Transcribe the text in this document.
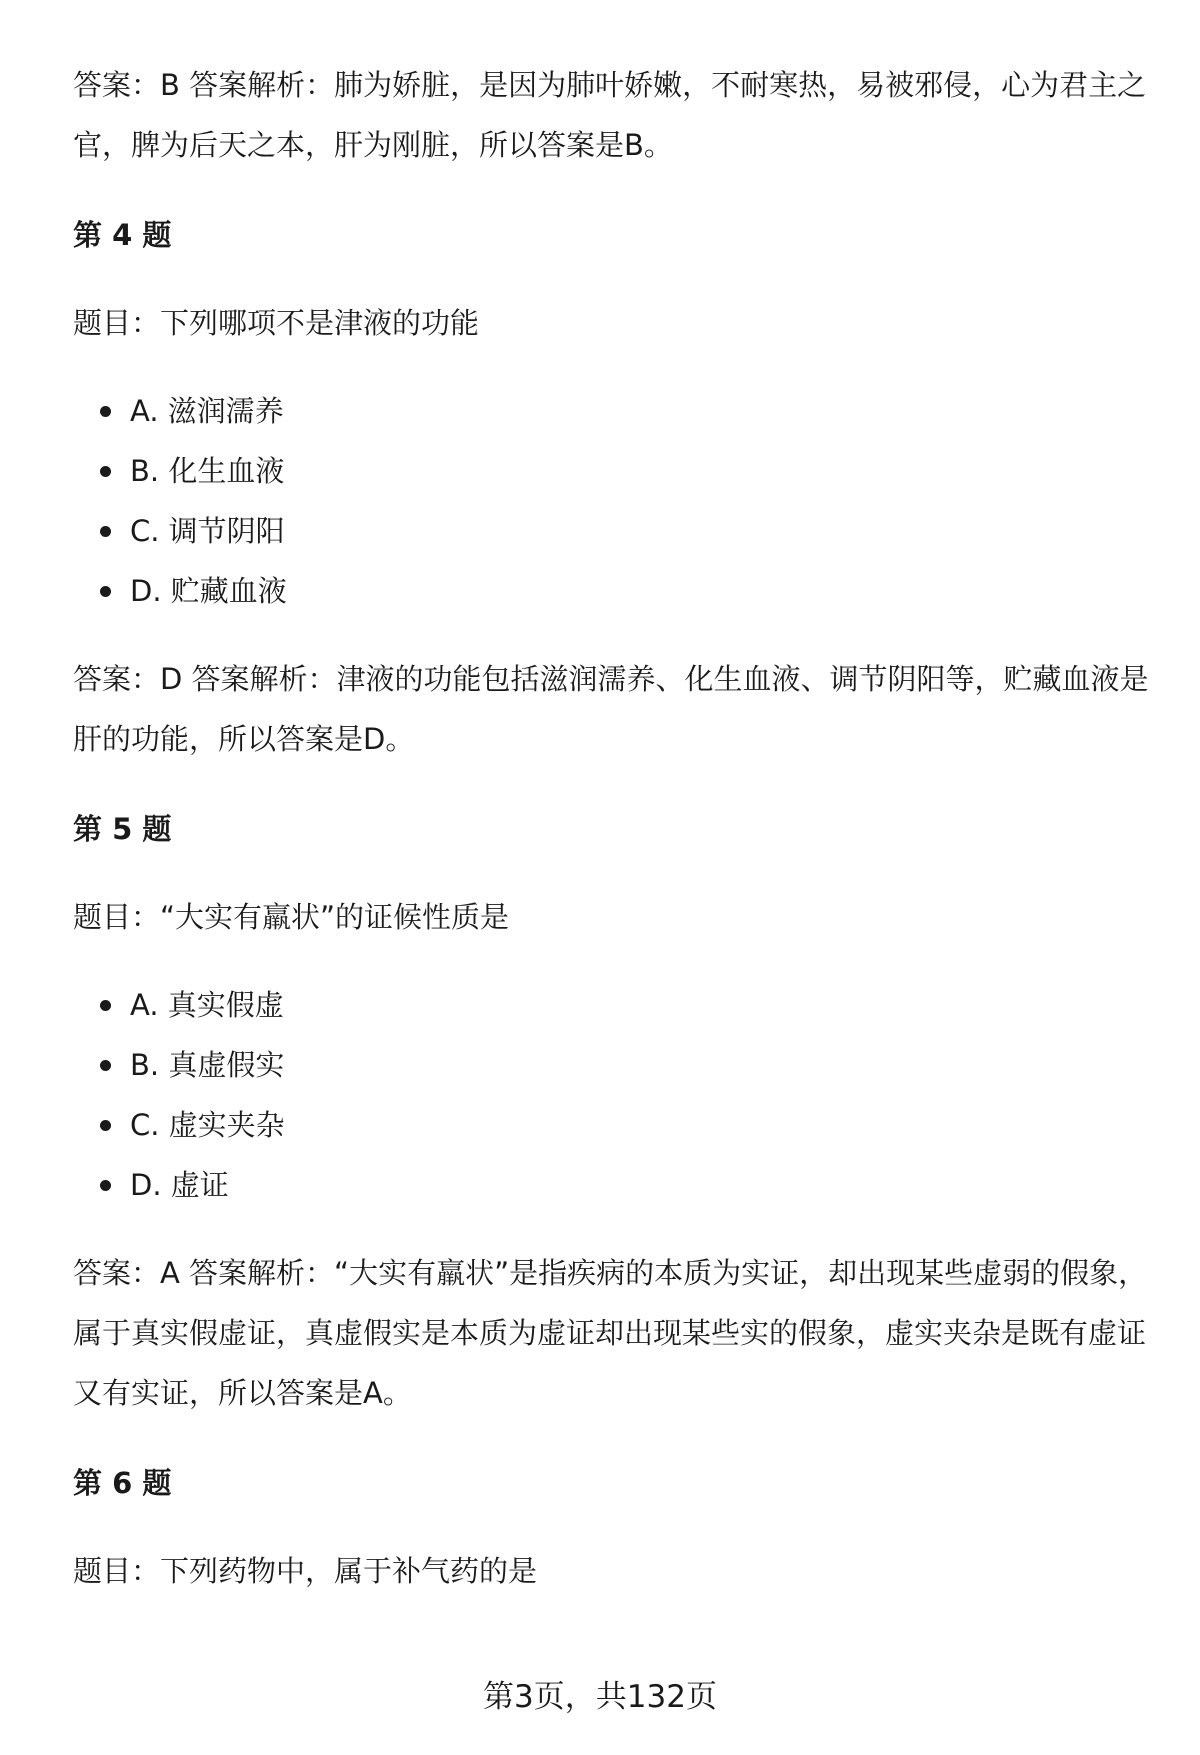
答案：B 答案解析：肺为娇脏，是因为肺叶娇嫩，不耐寒热，易被邪侵，心为君主之官，脾为后天之本，肝为刚脏，所以答案是B。

第 4 题

题目：下列哪项不是津液的功能

A. 滋润濡养
B. 化生血液
C. 调节阴阳
D. 贮藏血液

答案：D 答案解析：津液的功能包括滋润濡养、化生血液、调节阴阳等，贮藏血液是肝的功能，所以答案是D。

第 5 题

题目：“大实有羸状”的证候性质是

A. 真实假虚
B. 真虚假实
C. 虚实夹杂
D. 虚证

答案：A 答案解析：“大实有羸状”是指疾病的本质为实证，却出现某些虚弱的假象，属于真实假虚证，真虚假实是本质为虚证却出现某些实的假象，虚实夹杂是既有虚证又有实证，所以答案是A。

第 6 题

题目：下列药物中，属于补气药的是

第3页，共132页
